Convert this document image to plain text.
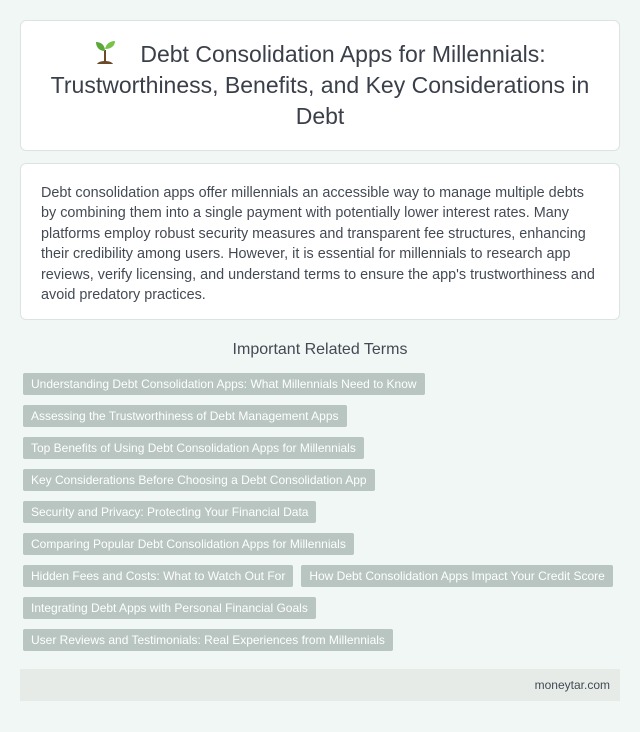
Debt Consolidation Apps for Millennials: Trustworthiness, Benefits, and Key Considerations in Debt

Debt consolidation apps offer millennials an accessible way to manage multiple debts by combining them into a single payment with potentially lower interest rates. Many platforms employ robust security measures and transparent fee structures, enhancing their credibility among users. However, it is essential for millennials to research app reviews, verify licensing, and understand terms to ensure the app's trustworthiness and avoid predatory practices.

Important Related Terms
Understanding Debt Consolidation Apps: What Millennials Need to Know
Assessing the Trustworthiness of Debt Management Apps
Top Benefits of Using Debt Consolidation Apps for Millennials
Key Considerations Before Choosing a Debt Consolidation App
Security and Privacy: Protecting Your Financial Data
Comparing Popular Debt Consolidation Apps for Millennials
Hidden Fees and Costs: What to Watch Out For	How Debt Consolidation Apps Impact Your Credit Score
Integrating Debt Apps with Personal Financial Goals
User Reviews and Testimonials: Real Experiences from Millennials
moneytar.com
